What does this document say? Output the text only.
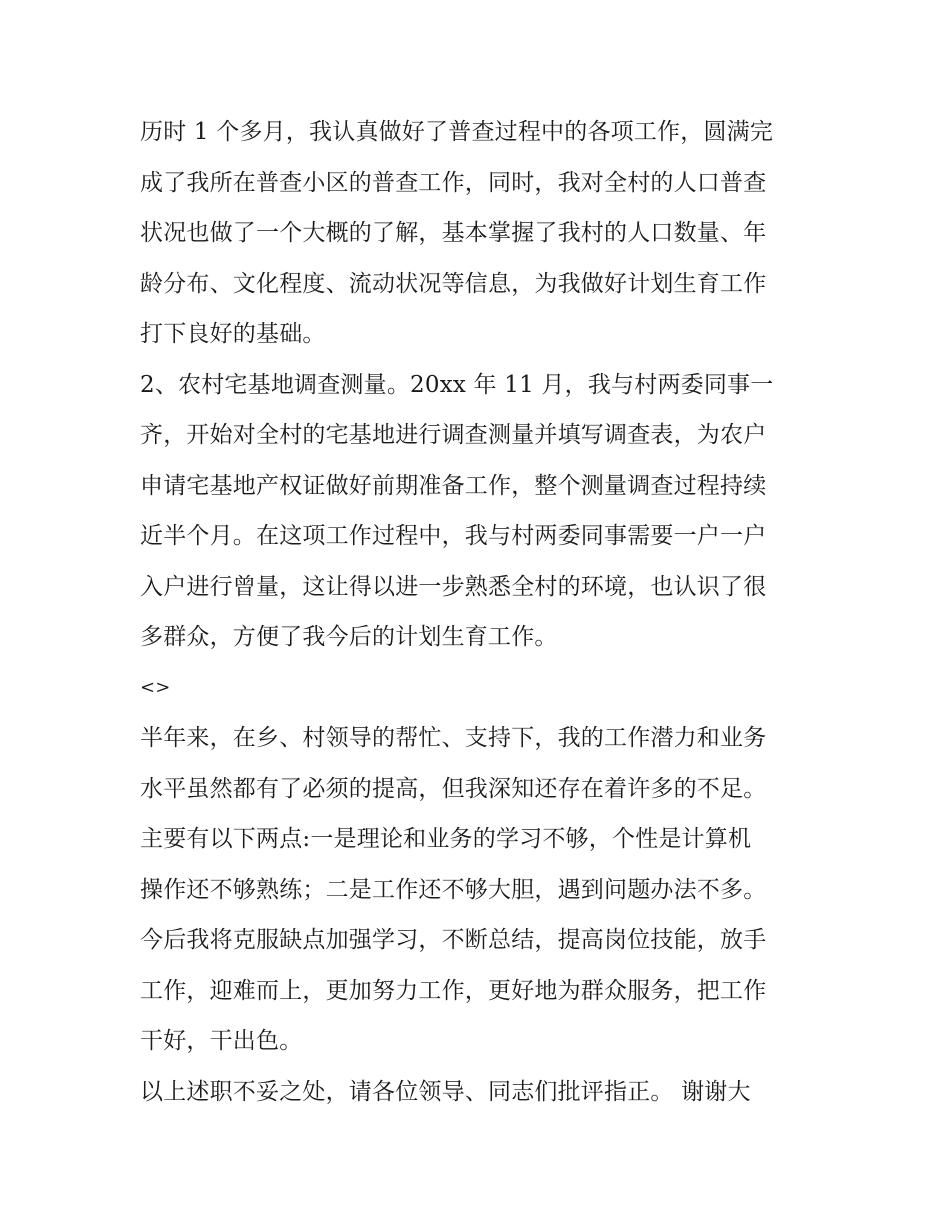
历时 1 个多月，我认真做好了普查过程中的各项工作，圆满完
成了我所在普查小区的普查工作，同时，我对全村的人口普查
状况也做了一个大概的了解，基本掌握了我村的人口数量、年
龄分布、文化程度、流动状况等信息，为我做好计划生育工作
打下良好的基础。
2、农村宅基地调查测量。20xx 年 11 月，我与村两委同事一
齐，开始对全村的宅基地进行调查测量并填写调查表，为农户
申请宅基地产权证做好前期准备工作，整个测量调查过程持续
近半个月。在这项工作过程中，我与村两委同事需要一户一户
入户进行曾量，这让得以进一步熟悉全村的环境，也认识了很
多群众，方便了我今后的计划生育工作。
<>
半年来，在乡、村领导的帮忙、支持下，我的工作潜力和业务
水平虽然都有了必须的提高，但我深知还存在着许多的不足。
主要有以下两点:一是理论和业务的学习不够，个性是计算机
操作还不够熟练；二是工作还不够大胆，遇到问题办法不多。
今后我将克服缺点加强学习，不断总结，提高岗位技能，放手
工作，迎难而上，更加努力工作，更好地为群众服务，把工作
干好，干出色。
以上述职不妥之处，请各位领导、同志们批评指正。 谢谢大
